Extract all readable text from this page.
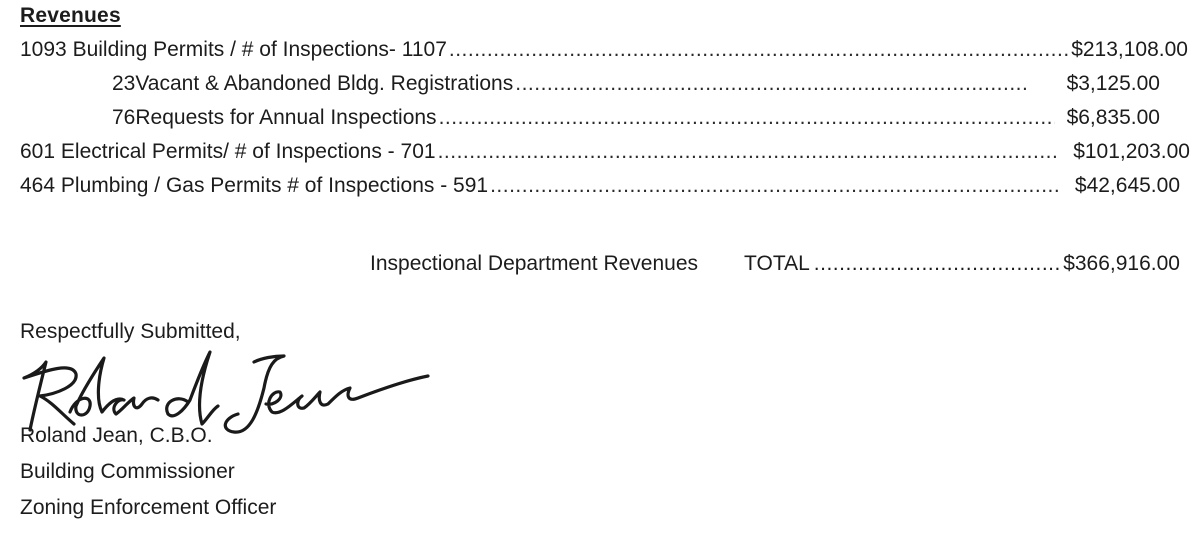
Revenues
1093 Building Permits / # of Inspections- 1107 .....	$213,108.00
23 Vacant & Abandoned Bldg. Registrations .....	$3,125.00
76 Requests for Annual Inspections .....	$6,835.00
601 Electrical Permits/ # of Inspections - 701 .....	$101,203.00
464 Plumbing / Gas Permits # of Inspections - 591 .....	$42,645.00
Inspectional Department Revenues TOTAL .....	$366,916.00
Respectfully Submitted,
Roland Jean, C.B.O.
Building Commissioner
Zoning Enforcement Officer
